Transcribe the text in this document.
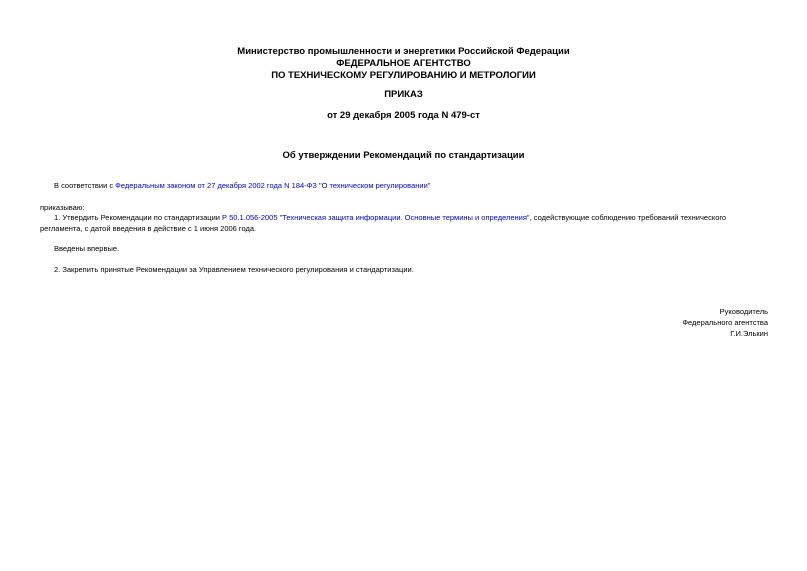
Министерство промышленности и энергетики Российской Федерации
ФЕДЕРАЛЬНОЕ АГЕНТСТВО
ПО ТЕХНИЧЕСКОМУ РЕГУЛИРОВАНИЮ И МЕТРОЛОГИИ
ПРИКАЗ
от 29 декабря 2005 года N 479-ст
Об утверждении Рекомендаций по стандартизации
В соответствии с Федеральным законом от 27 декабря 2002 года N 184-ФЗ "О техническом регулировании"
приказываю:
1. Утвердить Рекомендации по стандартизации Р 50.1.056-2005 "Техническая защита информации. Основные термины и определения", содействующие соблюдению требований технического регламента, с датой введения в действие с 1 июня 2006 года.
Введены впервые.
2. Закрепить принятые Рекомендации за Управлением технического регулирования и стандартизации.
Руководитель
Федерального агентства
Г.И.Элькин
